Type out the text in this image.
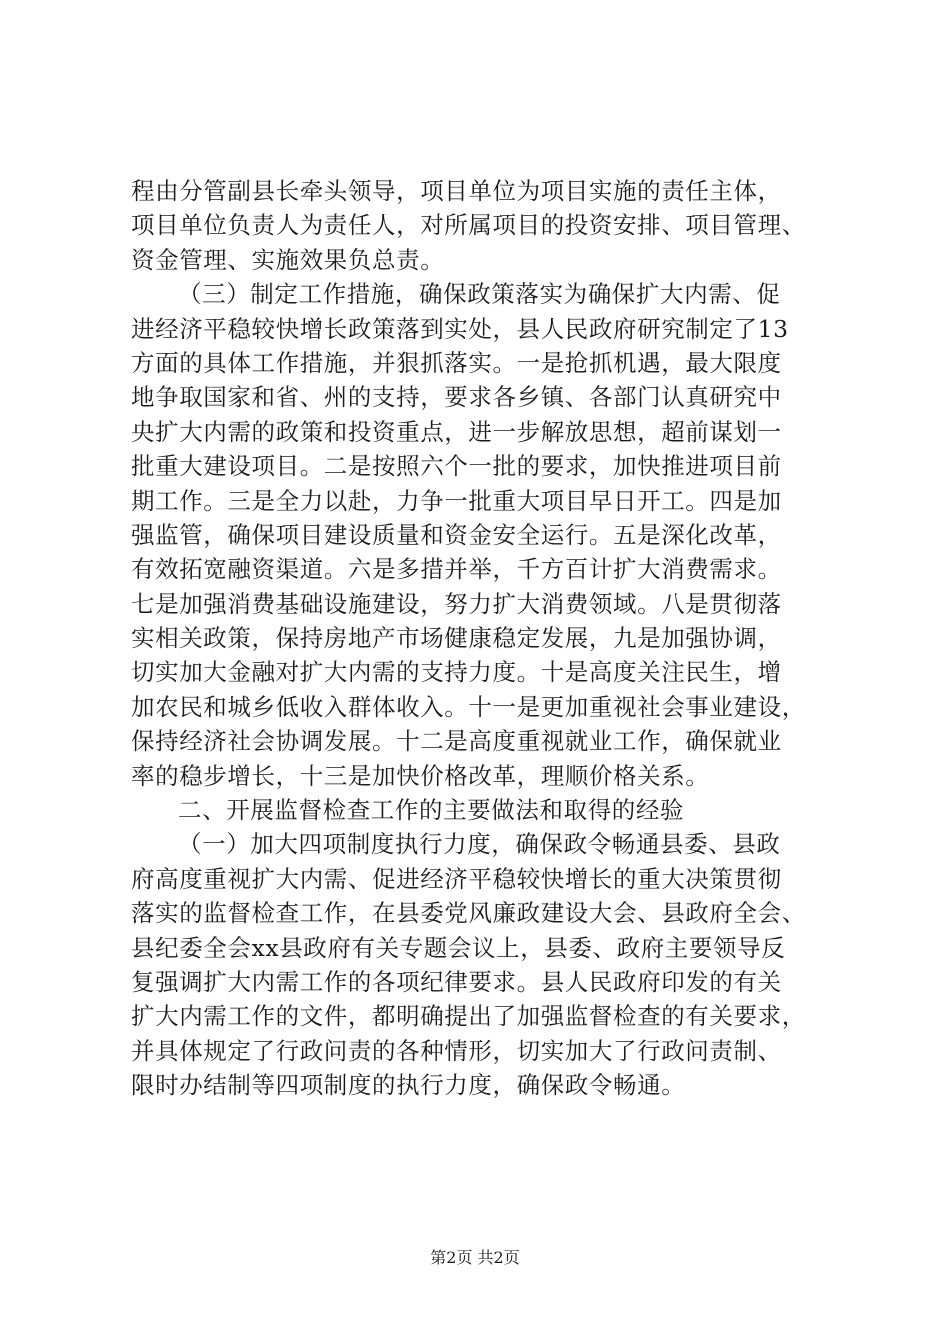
程由分管副县长牵头领导，项目单位为项目实施的责任主体，
项目单位负责人为责任人，对所属项目的投资安排、项目管理、
资金管理、实施效果负总责。
（三）制定工作措施，确保政策落实为确保扩大内需、促
进经济平稳较快增长政策落到实处，县人民政府研究制定了13
方面的具体工作措施，并狠抓落实。一是抢抓机遇，最大限度
地争取国家和省、州的支持，要求各乡镇、各部门认真研究中
央扩大内需的政策和投资重点，进一步解放思想，超前谋划一
批重大建设项目。二是按照六个一批的要求，加快推进项目前
期工作。三是全力以赴，力争一批重大项目早日开工。四是加
强监管，确保项目建设质量和资金安全运行。五是深化改革，
有效拓宽融资渠道。六是多措并举，千方百计扩大消费需求。
七是加强消费基础设施建设，努力扩大消费领域。八是贯彻落
实相关政策，保持房地产市场健康稳定发展，九是加强协调，
切实加大金融对扩大内需的支持力度。十是高度关注民生，增
加农民和城乡低收入群体收入。十一是更加重视社会事业建设，
保持经济社会协调发展。十二是高度重视就业工作，确保就业
率的稳步增长，十三是加快价格改革，理顺价格关系。
二、开展监督检查工作的主要做法和取得的经验
（一）加大四项制度执行力度，确保政令畅通县委、县政
府高度重视扩大内需、促进经济平稳较快增长的重大决策贯彻
落实的监督检查工作，在县委党风廉政建设大会、县政府全会、
县纪委全会xx县政府有关专题会议上，县委、政府主要领导反
复强调扩大内需工作的各项纪律要求。县人民政府印发的有关
扩大内需工作的文件，都明确提出了加强监督检查的有关要求，
并具体规定了行政问责的各种情形，切实加大了行政问责制、
限时办结制等四项制度的执行力度，确保政令畅通。
第2页 共2页
